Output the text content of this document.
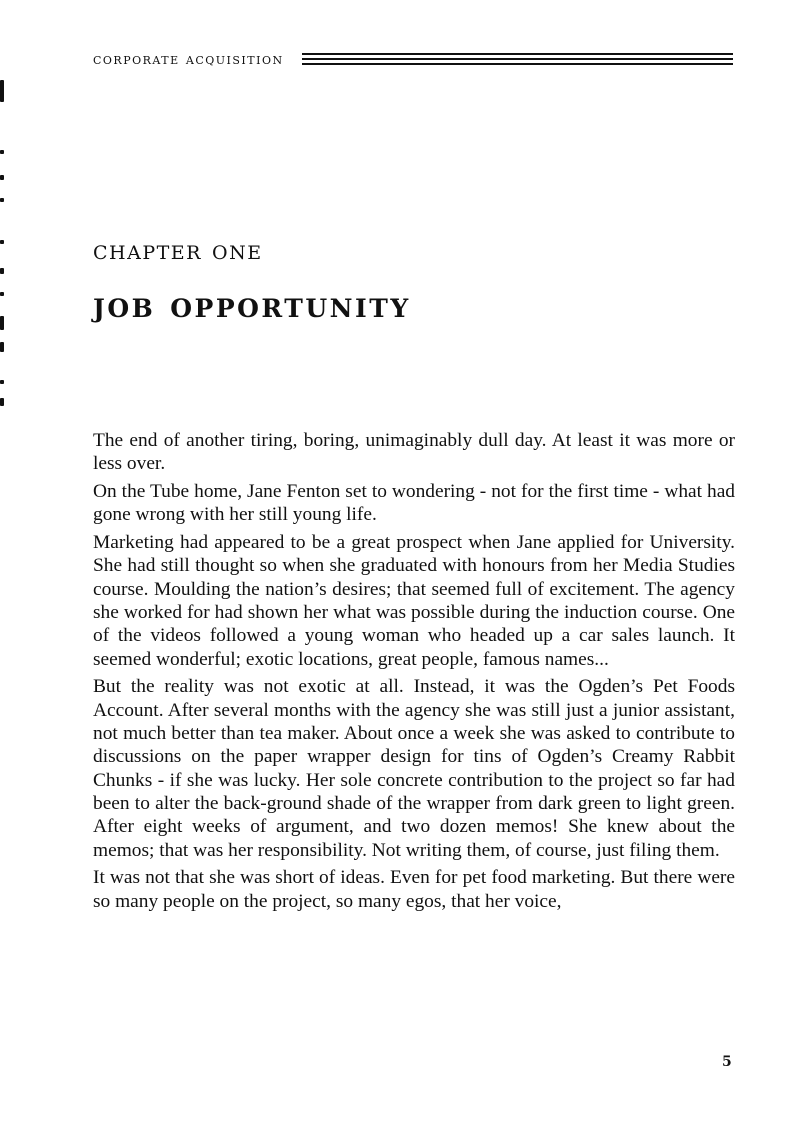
corporate acquisition
chapter one
job opportunity

The end of another tiring, boring, unimaginably dull day. At least it was more or less over.

On the Tube home, Jane Fenton set to wondering - not for the first time - what had gone wrong with her still young life.

Marketing had appeared to be a great prospect when Jane applied for University. She had still thought so when she graduated with honours from her Media Studies course. Moulding the nation’s desires; that seemed full of excitement. The agency she worked for had shown her what was possible during the induction course. One of the videos followed a young woman who headed up a car sales launch. It seemed wonderful; exotic locations, great people, famous names...

But the reality was not exotic at all. Instead, it was the Ogden’s Pet Foods Account. After several months with the agency she was still just a junior assistant, not much better than tea maker. About once a week she was asked to contribute to discussions on the paper wrapper design for tins of Ogden’s Creamy Rabbit Chunks - if she was lucky. Her sole concrete contribution to the project so far had been to alter the back-ground shade of the wrapper from dark green to light green. After eight weeks of argument, and two dozen memos! She knew about the memos; that was her responsibility. Not writing them, of course, just filing them.

It was not that she was short of ideas. Even for pet food marketing. But there were so many people on the project, so many egos, that her voice,

5
